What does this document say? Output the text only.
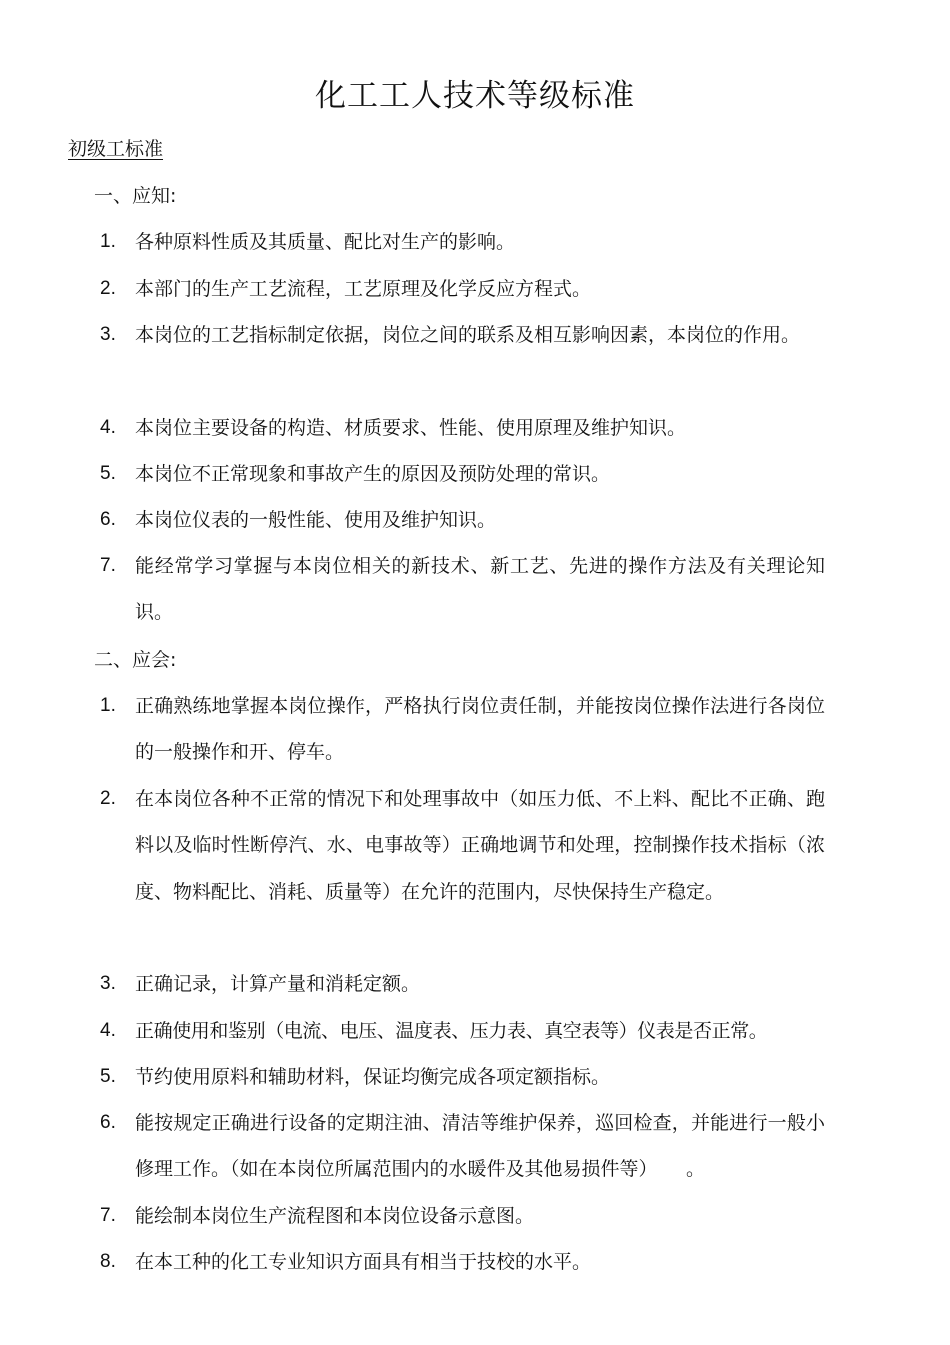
化工工人技术等级标准
初级工标准
一、应知:
1.	各种原料性质及其质量、配比对生产的影响。
2.	本部门的生产工艺流程，工艺原理及化学反应方程式。
3.	本岗位的工艺指标制定依据，岗位之间的联系及相互影响因素，本岗位的作用。
4.	本岗位主要设备的构造、材质要求、性能、使用原理及维护知识。
5.	本岗位不正常现象和事故产生的原因及预防处理的常识。
6.	本岗位仪表的一般性能、使用及维护知识。
7.	能经常学习掌握与本岗位相关的新技术、新工艺、先进的操作方法及有关理论知识。
二、应会:
1.	正确熟练地掌握本岗位操作，严格执行岗位责任制，并能按岗位操作法进行各岗位的一般操作和开、停车。
2.	在本岗位各种不正常的情况下和处理事故中（如压力低、不上料、配比不正确、跑料以及临时性断停汽、水、电事故等）正确地调节和处理，控制操作技术指标（浓度、物料配比、消耗、质量等）在允许的范围内，尽快保持生产稳定。
3.	正确记录，计算产量和消耗定额。
4.	正确使用和鉴别（电流、电压、温度表、压力表、真空表等）仪表是否正常。
5.	节约使用原料和辅助材料，保证均衡完成各项定额指标。
6.	能按规定正确进行设备的定期注油、清洁等维护保养，巡回检查，并能进行一般小修理工作。（如在本岗位所属范围内的水暖件及其他易损件等）　　。
7.	能绘制本岗位生产流程图和本岗位设备示意图。
8.	在本工种的化工专业知识方面具有相当于技校的水平。
